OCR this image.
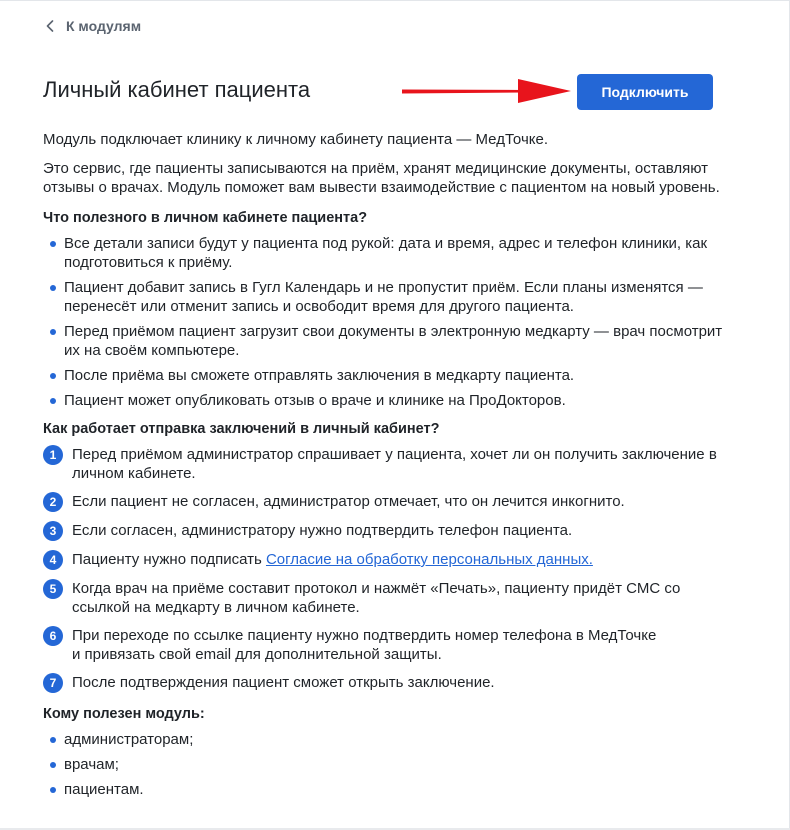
К модулям
Личный кабинет пациента	Подключить

Модуль подключает клинику к личному кабинету пациента — МедТочке.

Это сервис, где пациенты записываются на приём, хранят медицинские документы, оставляют отзывы о врачах. Модуль поможет вам вывести взаимодействие с пациентом на новый уровень.

Что полезного в личном кабинете пациента?
Все детали записи будут у пациента под рукой: дата и время, адрес и телефон клиники, как подготовиться к приёму.
Пациент добавит запись в Гугл Календарь и не пропустит приём. Если планы изменятся — перенесёт или отменит запись и освободит время для другого пациента.
Перед приёмом пациент загрузит свои документы в электронную медкарту — врач посмотрит их на своём компьютере.
После приёма вы сможете отправлять заключения в медкарту пациента.
Пациент может опубликовать отзыв о враче и клинике на ПроДокторов.
Как работает отправка заключений в личный кабинет?
1	Перед приёмом администратор спрашивает у пациента, хочет ли он получить заключение в личном кабинете.
2	Если пациент не согласен, администратор отмечает, что он лечится инкогнито.
3	Если согласен, администратору нужно подтвердить телефон пациента.
4	Пациенту нужно подписать Согласие на обработку персональных данных.
5	Когда врач на приёме составит протокол и нажмёт «Печать», пациенту придёт СМС со ссылкой на медкарту в личном кабинете.
6	При переходе по ссылке пациенту нужно подтвердить номер телефона в МедТочке
и привязать свой email для дополнительной защиты.
7	После подтверждения пациент сможет открыть заключение.
Кому полезен модуль:
администраторам;
врачам;
пациентам.
